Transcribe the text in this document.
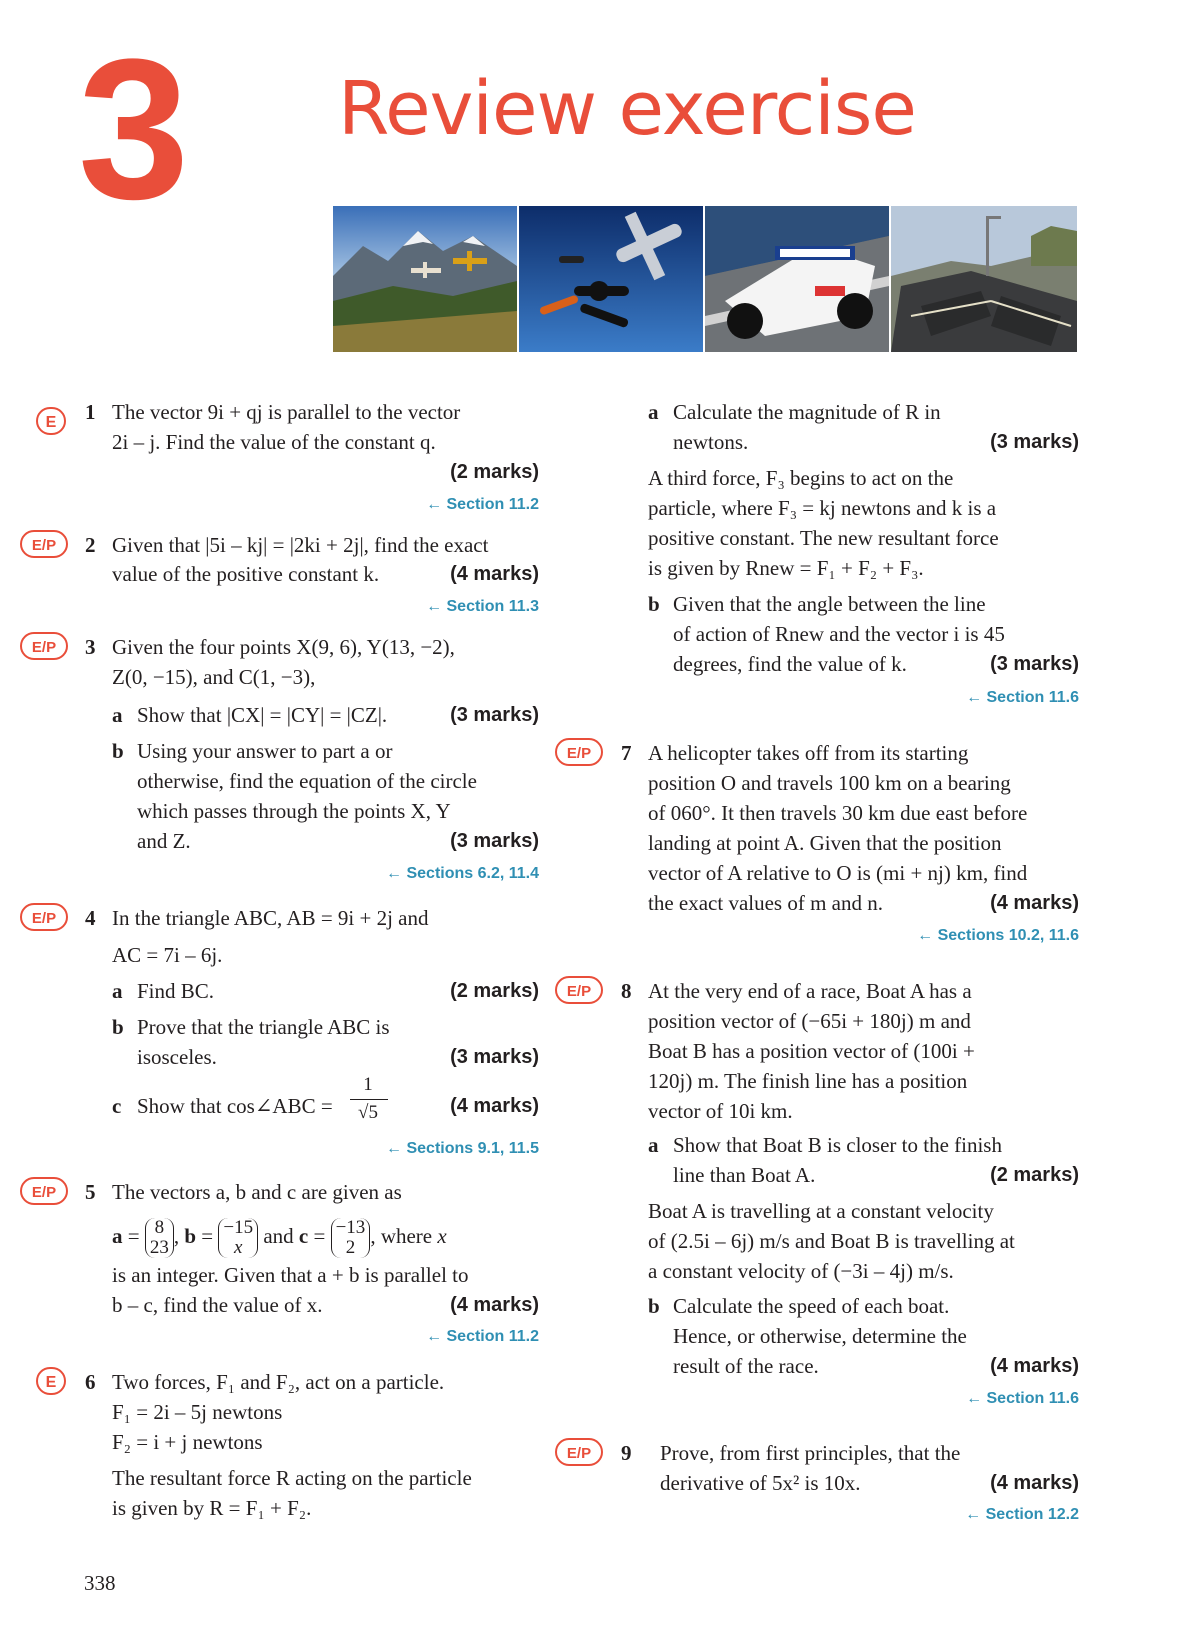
3 Review exercise
E	1 The vector 9i + qj is parallel to the vector
2i – j. Find the value of the constant q.
(2 marks)
← Section 11.2
E/P	2 Given that |5i – kj| = |2ki + 2j|, find the exact
value of the positive constant k.	(4 marks)
← Section 11.3
E/P	3 Given the four points X(9, 6), Y(13, −2),
Z(0, −15), and C(1, −3),
a Show that |CX| = |CY| = |CZ|.	(3 marks)
b Using your answer to part a or
otherwise, find the equation of the circle
which passes through the points X, Y
and Z.	(3 marks)
← Sections 6.2, 11.4
E/P	4 In the triangle ABC, AB = 9i + 2j and
AC = 7i – 6j.
a Find BC.	(2 marks)
b Prove that the triangle ABC is
isosceles.	(3 marks)
c Show that cos∠ABC =
1
√5	(4 marks)
← Sections 9.1, 11.5
E/P	5 The vectors a, b and c are given as
a = 8
23 , b = −15
x and c = −13
2 , where x
is an integer. Given that a + b is parallel to
b – c, find the value of x.	(4 marks)
← Section 11.2
E	6 Two forces, F₁ and F₂, act on a particle.
F₁ = 2i – 5j newtons
F₂ = i + j newtons
The resultant force R acting on the particle
is given by R = F₁ + F₂.
338
a Calculate the magnitude of R in
newtons.	(3 marks)
A third force, F₃ begins to act on the
particle, where F₃ = kj newtons and k is a
positive constant. The new resultant force
is given by Rnew = F₁ + F₂ + F₃.
b Given that the angle between the line
of action of Rnew and the vector i is 45
degrees, find the value of k.	(3 marks)
← Section 11.6
E/P	7 A helicopter takes off from its starting
position O and travels 100 km on a bearing
of 060°. It then travels 30 km due east before
landing at point A. Given that the position
vector of A relative to O is (mi + nj) km, find
the exact values of m and n.	(4 marks)
← Sections 10.2, 11.6
E/P	8 At the very end of a race, Boat A has a
position vector of (−65i + 180j) m and
Boat B has a position vector of (100i +
120j) m. The finish line has a position
vector of 10i km.
a Show that Boat B is closer to the finish
line than Boat A.	(2 marks)
Boat A is travelling at a constant velocity
of (2.5i – 6j) m/s and Boat B is travelling at
a constant velocity of (−3i – 4j) m/s.
b Calculate the speed of each boat.
Hence, or otherwise, determine the
result of the race.	(4 marks)
← Section 11.6
E/P	9 Prove, from first principles, that the
derivative of 5x² is 10x.	(4 marks)
← Section 12.2
